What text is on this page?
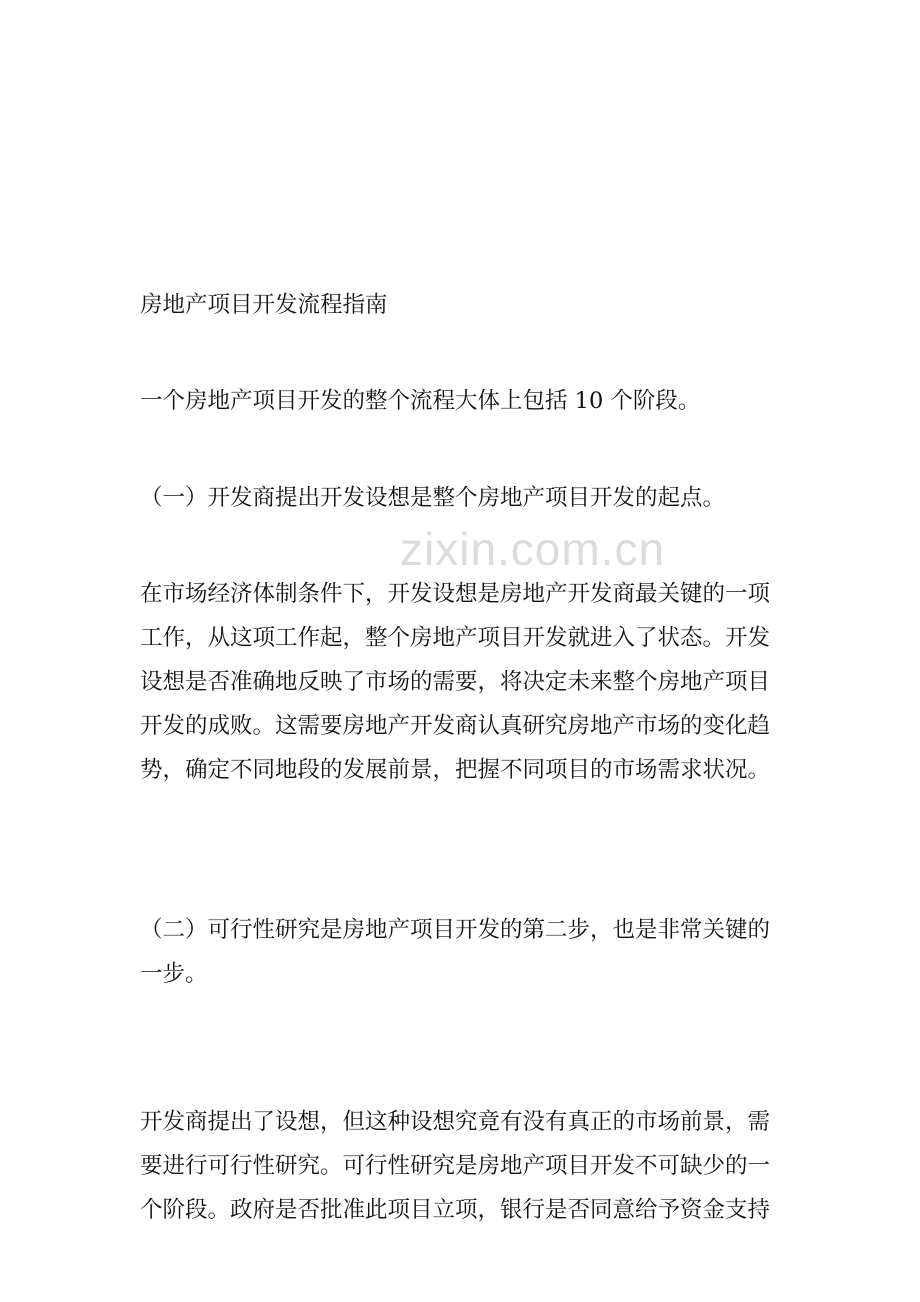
zixin.com.cn
房地产项目开发流程指南
一个房地产项目开发的整个流程大体上包括 10 个阶段。
（一）开发商提出开发设想是整个房地产项目开发的起点。
在市场经济体制条件下，开发设想是房地产开发商最关键的一项
工作，从这项工作起，整个房地产项目开发就进入了状态。开发
设想是否准确地反映了市场的需要，将决定未来整个房地产项目
开发的成败。这需要房地产开发商认真研究房地产市场的变化趋
势，确定不同地段的发展前景，把握不同项目的市场需求状况。
（二）可行性研究是房地产项目开发的第二步，也是非常关键的
一步。
开发商提出了设想，但这种设想究竟有没有真正的市场前景，需
要进行可行性研究。可行性研究是房地产项目开发不可缺少的一
个阶段。政府是否批准此项目立项，银行是否同意给予资金支持
